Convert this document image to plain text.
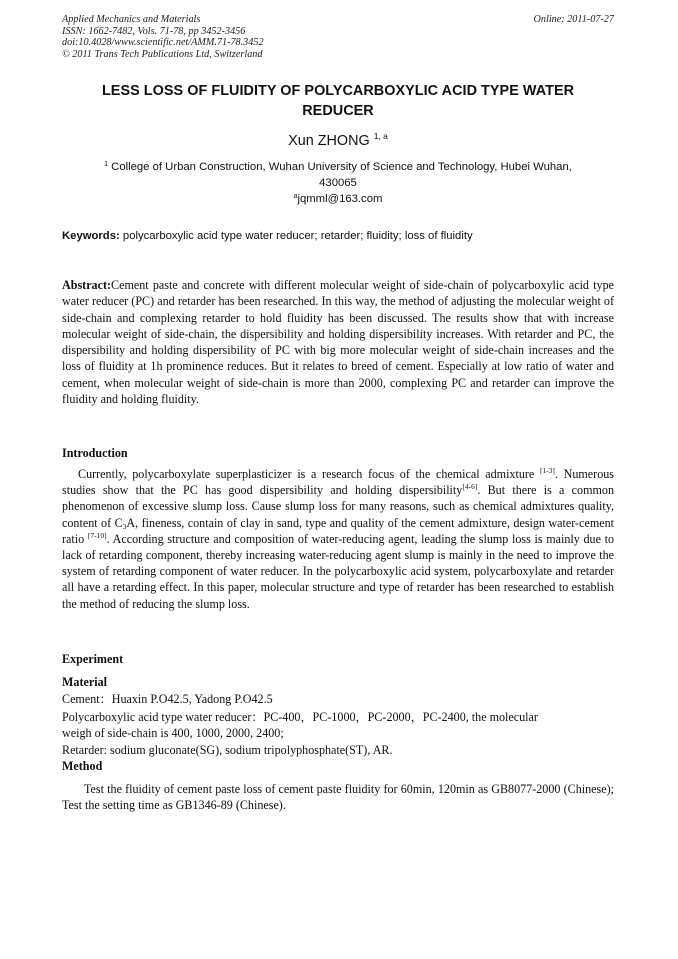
Applied Mechanics and Materials
ISSN: 1662-7482, Vols. 71-78, pp 3452-3456
doi:10.4028/www.scientific.net/AMM.71-78.3452
© 2011 Trans Tech Publications Ltd, Switzerland
Online: 2011-07-27
LESS LOSS OF FLUIDITY OF POLYCARBOXYLIC ACID TYPE WATER
REDUCER
Xun ZHONG $^{1, a}$
$^1$ College of Urban Construction, Wuhan University of Science and Technology, Hubei Wuhan,
430065
$^a$jqmml@163.com
Keywords: polycarboxylic acid type water reducer; retarder; fluidity; loss of fluidity
Abstract:Cement paste and concrete with different molecular weight of side-chain of polycarboxylic acid type water reducer (PC) and retarder has been researched. In this way, the method of adjusting the molecular weight of side-chain and complexing retarder to hold fluidity has been discussed. The results show that with increase molecular weight of side-chain, the dispersibility and holding dispersibility increases. With retarder and PC, the dispersibility and holding dispersibility of PC with big more molecular weight of side-chain increases and the loss of fluidity at 1h prominence reduces. But it relates to breed of cement. Especially at low ratio of water and cement, when molecular weight of side-chain is more than 2000, complexing PC and retarder can improve the fluidity and holding fluidity.
Introduction
Currently, polycarboxylate superplasticizer is a research focus of the chemical admixture [1-3]. Numerous studies show that the PC has good dispersibility and holding dispersibility[4-6]. But there is a common phenomenon of excessive slump loss. Cause slump loss for many reasons, such as chemical admixtures quality, content of $C_3A$, fineness, contain of clay in sand, type and quality of the cement admixture, design water-cement ratio [7-10]. According structure and composition of water-reducing agent, leading the slump loss is mainly due to lack of retarding component, thereby increasing water-reducing agent slump is mainly in the need to improve the system of retarding component of water reducer. In the polycarboxylic acid system, polycarboxylate and retarder all have a retarding effect. In this paper, molecular structure and type of retarder has been researched to establish the method of reducing the slump loss.
Experiment
Material
Cement：Huaxin P.O42.5, Yadong P.O42.5
Polycarboxylic acid type water reducer：PC-400，PC-1000，PC-2000，PC-2400, the molecular
weigh of side-chain is 400, 1000, 2000, 2400;
Retarder: sodium gluconate(SG), sodium tripolyphosphate(ST), AR.
Method
Test the fluidity of cement paste loss of cement paste fluidity for 60min, 120min as GB8077-2000 (Chinese); Test the setting time as GB1346-89 (Chinese).
